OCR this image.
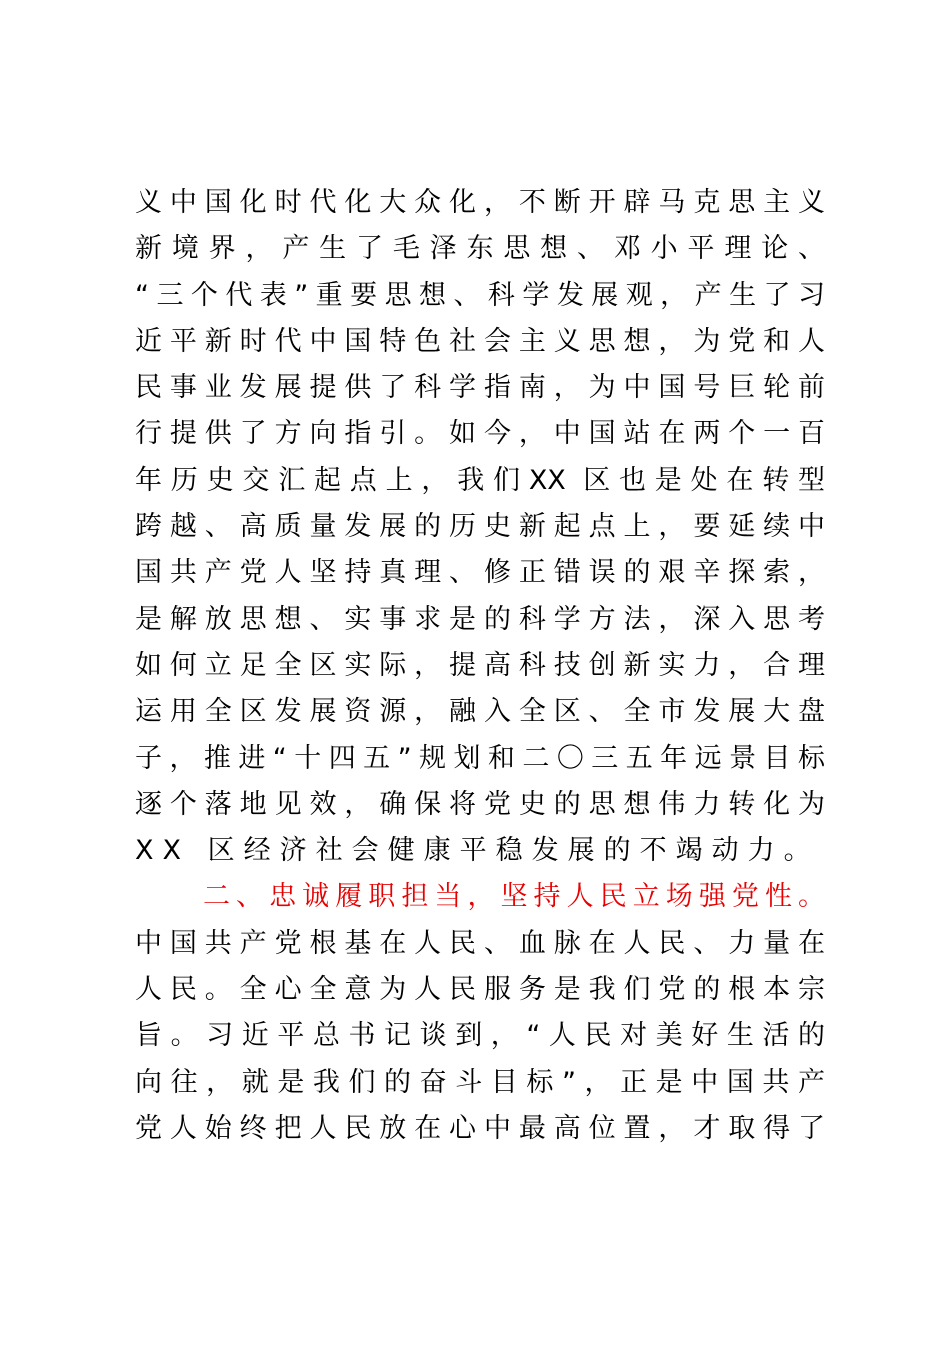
义中国化时代化大众化，不断开辟马克思主义
新境界，产生了毛泽东思想、邓小平理论、
“三个代表”重要思想、科学发展观，产生了习
近平新时代中国特色社会主义思想，为党和人
民事业发展提供了科学指南，为中国号巨轮前
行提供了方向指引。如今，中国站在两个一百
年历史交汇起点上，我们XX 区也是处在转型
跨越、高质量发展的历史新起点上，要延续中
国共产党人坚持真理、修正错误的艰辛探索，
是解放思想、实事求是的科学方法，深入思考
如何立足全区实际，提高科技创新实力，合理
运用全区发展资源，融入全区、全市发展大盘
子，推进“十四五”规划和二〇三五年远景目标
逐个落地见效，确保将党史的思想伟力转化为
XX 区经济社会健康平稳发展的不竭动力。
二、忠诚履职担当，坚持人民立场强党性。
中国共产党根基在人民、血脉在人民、力量在
人民。全心全意为人民服务是我们党的根本宗
旨。习近平总书记谈到，“人民对美好生活的
向往，就是我们的奋斗目标”，正是中国共产
党人始终把人民放在心中最高位置，才取得了
